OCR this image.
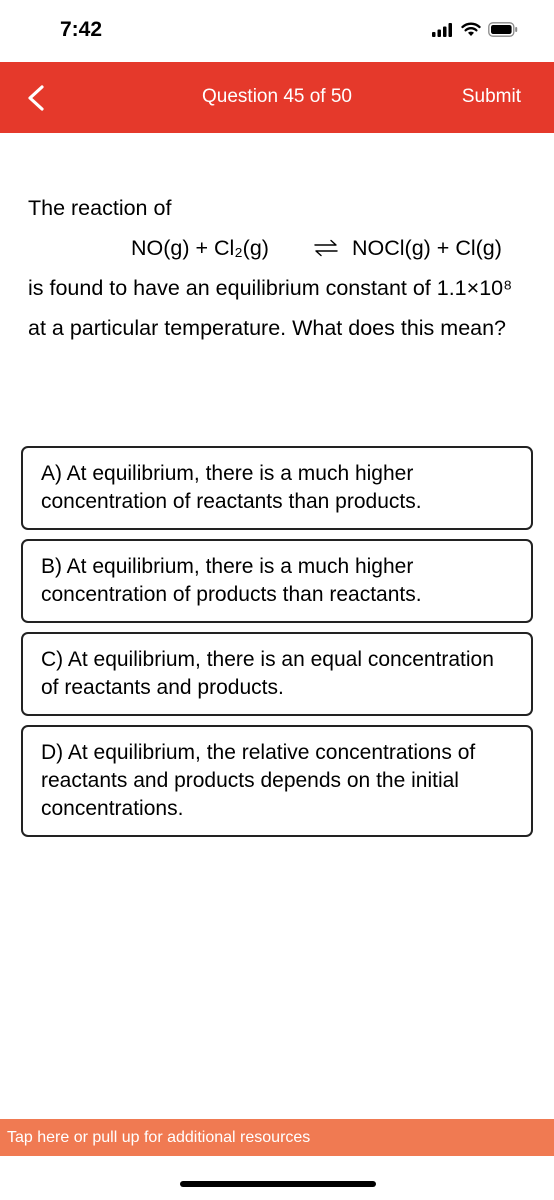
7:42
Question 45 of 50	Submit
The reaction of
NO(g) + Cl₂(g) ⇌ NOCl(g) + Cl(g)
is found to have an equilibrium constant of 1.1×10⁸ at a particular temperature. What does this mean?
A) At equilibrium, there is a much higher concentration of reactants than products.
B) At equilibrium, there is a much higher concentration of products than reactants.
C) At equilibrium, there is an equal concentration of reactants and products.
D) At equilibrium, the relative concentrations of reactants and products depends on the initial concentrations.
Tap here or pull up for additional resources
